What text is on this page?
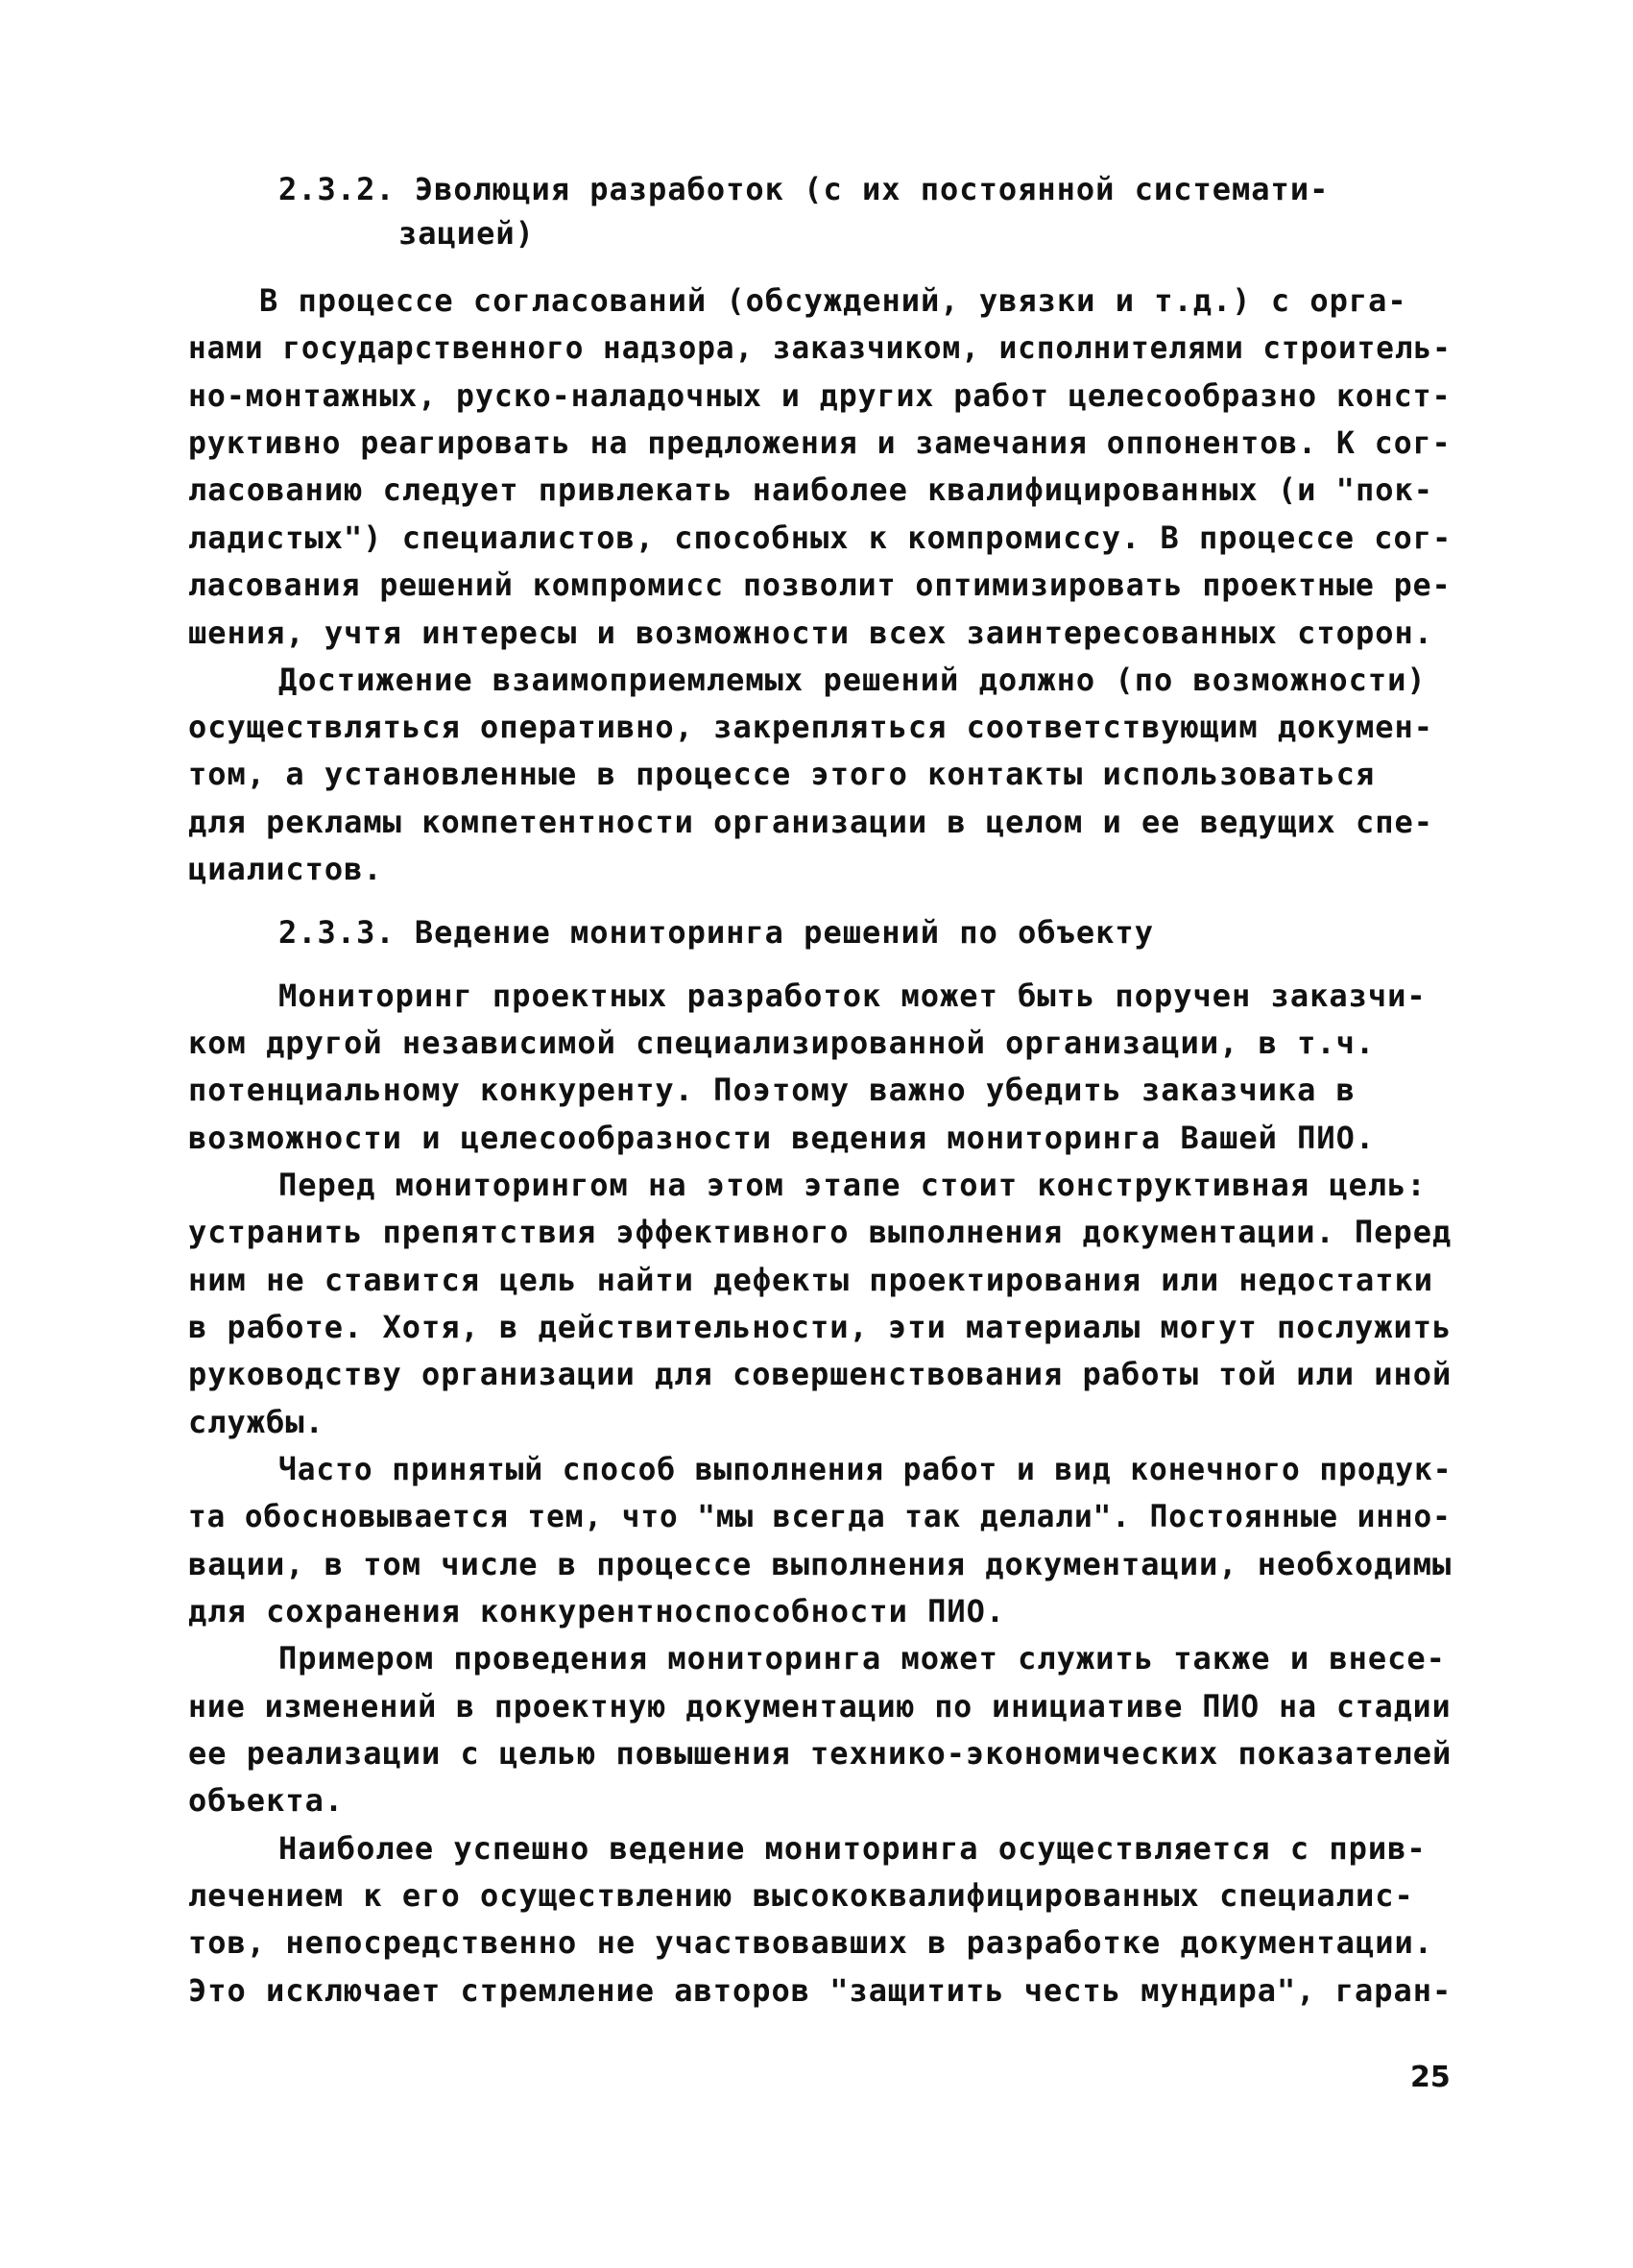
2.3.2. Эволюция разработок (с их постоянной системати-
зацией)
В процессе согласований (обсуждений, увязки и т.д.) с орга-
нами государственного надзора, заказчиком, исполнителями строитель-
но-монтажных, руско-наладочных и других работ целесообразно конст-
руктивно реагировать на предложения и замечания оппонентов. К сог-
ласованию следует привлекать наиболее квалифицированных (и "пок-
ладистых") специалистов, способных к компромиссу. В процессе сог-
ласования решений компромисс позволит оптимизировать проектные ре-
шения, учтя интересы и возможности всех заинтересованных сторон.
Достижение взаимоприемлемых решений должно (по возможности)
осуществляться оперативно, закрепляться соответствующим докумен-
том, а установленные в процессе этого контакты использоваться
для рекламы компетентности организации в целом и ее ведущих спе-
циалистов.
2.3.3. Ведение мониторинга решений по объекту
Мониторинг проектных разработок может быть поручен заказчи-
ком другой независимой специализированной организации, в т.ч.
потенциальному конкуренту. Поэтому важно убедить заказчика в
возможности и целесообразности ведения мониторинга Вашей ПИО.
Перед мониторингом на этом этапе стоит конструктивная цель:
устранить препятствия эффективного выполнения документации. Перед
ним не ставится цель найти дефекты проектирования или недостатки
в работе. Хотя, в действительности, эти материалы могут послужить
руководству организации для совершенствования работы той или иной
службы.
Часто принятый способ выполнения работ и вид конечного продук-
та обосновывается тем, что "мы всегда так делали". Постоянные инно-
вации, в том числе в процессе выполнения документации, необходимы
для сохранения конкурентноспособности ПИО.
Примером проведения мониторинга может служить также и внесе-
ние изменений в проектную документацию по инициативе ПИО на стадии
ее реализации с целью повышения технико-экономических показателей
объекта.
Наиболее успешно ведение мониторинга осуществляется с прив-
лечением к его осуществлению высококвалифицированных специалис-
тов, непосредственно не участвовавших в разработке документации.
Это исключает стремление авторов "защитить честь мундира", гаран-
25
